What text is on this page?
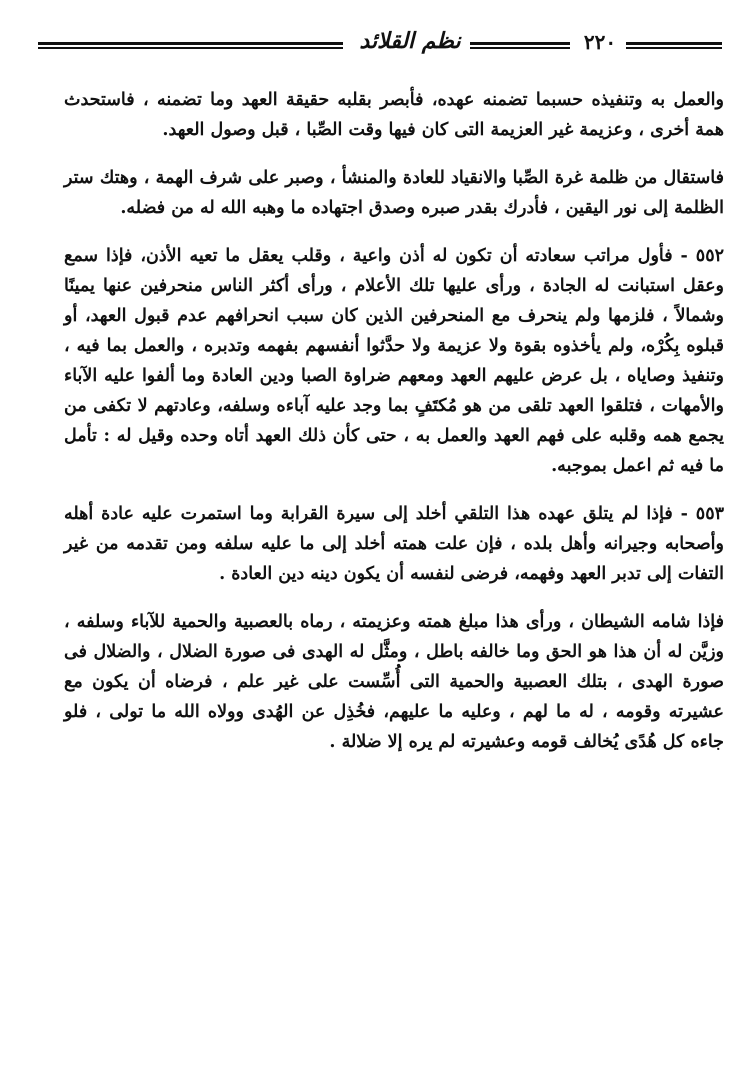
نظم القلائد	٢٢٠

والعمل به وتنفيذه حسبما تضمنه عهده، فأبصر بقلبه حقيقة العهد وما تضمنه ، فاستحدث همة أخرى ، وعزيمة غير العزيمة التى كان فيها وقت الصِّبا ، قبل وصول العهد.

فاستقال من ظلمة غرة الصِّبا والانقياد للعادة والمنشأ ، وصبر على شرف الهمة ، وهتك ستر الظلمة إلى نور اليقين ، فأدرك بقدر صبره وصدق اجتهاده ما وهبه الله له من فضله.

٥٥٢ - فأول مراتب سعادته أن تكون له أذن واعية ، وقلب يعقل ما تعيه الأذن، فإذا سمع وعقل استبانت له الجادة ، ورأى عليها تلك الأعلام ، ورأى أكثر الناس منحرفين عنها يمينًا وشمالاً ، فلزمها ولم ينحرف مع المنحرفين الذين كان سبب انحرافهم عدم قبول العهد، أو قبلوه بِكُرْه، ولم يأخذوه بقوة ولا عزيمة ولا حدَّثوا أنفسهم بفهمه وتدبره ، والعمل بما فيه ، وتنفيذ وصاياه ، بل عرض عليهم العهد ومعهم ضراوة الصبا ودين العادة وما ألفوا عليه الآباء والأمهات ، فتلقوا العهد تلقى من هو مُكتَفٍ بما وجد عليه آباءه وسلفه، وعادتهم لا تكفى من يجمع همه وقلبه على فهم العهد والعمل به ، حتى كأن ذلك العهد أتاه وحده وقيل له : تأمل ما فيه ثم اعمل بموجبه.

٥٥٣ - فإذا لم يتلق عهده هذا التلقي أخلد إلى سيرة القرابة وما استمرت عليه عادة أهله وأصحابه وجيرانه وأهل بلده ، فإن علت همته أخلد إلى ما عليه سلفه ومن تقدمه من غير التفات إلى تدبر العهد وفهمه، فرضى لنفسه أن يكون دينه دين العادة .

فإذا شامه الشيطان ، ورأى هذا مبلغ همته وعزيمته ، رماه بالعصبية والحمية للآباء وسلفه ، وزيَّن له أن هذا هو الحق وما خالفه باطل ، ومثَّل له الهدى فى صورة الضلال ، والضلال فى صورة الهدى ، بتلك العصبية والحمية التى أُسِّست على غير علم ، فرضاه أن يكون مع عشيرته وقومه ، له ما لهم ، وعليه ما عليهم، فخُذِل عن الهُدى وولاه الله ما تولى ، فلو جاءه كل هُدًى يُخالف قومه وعشيرته لم يره إلا ضلالة .
